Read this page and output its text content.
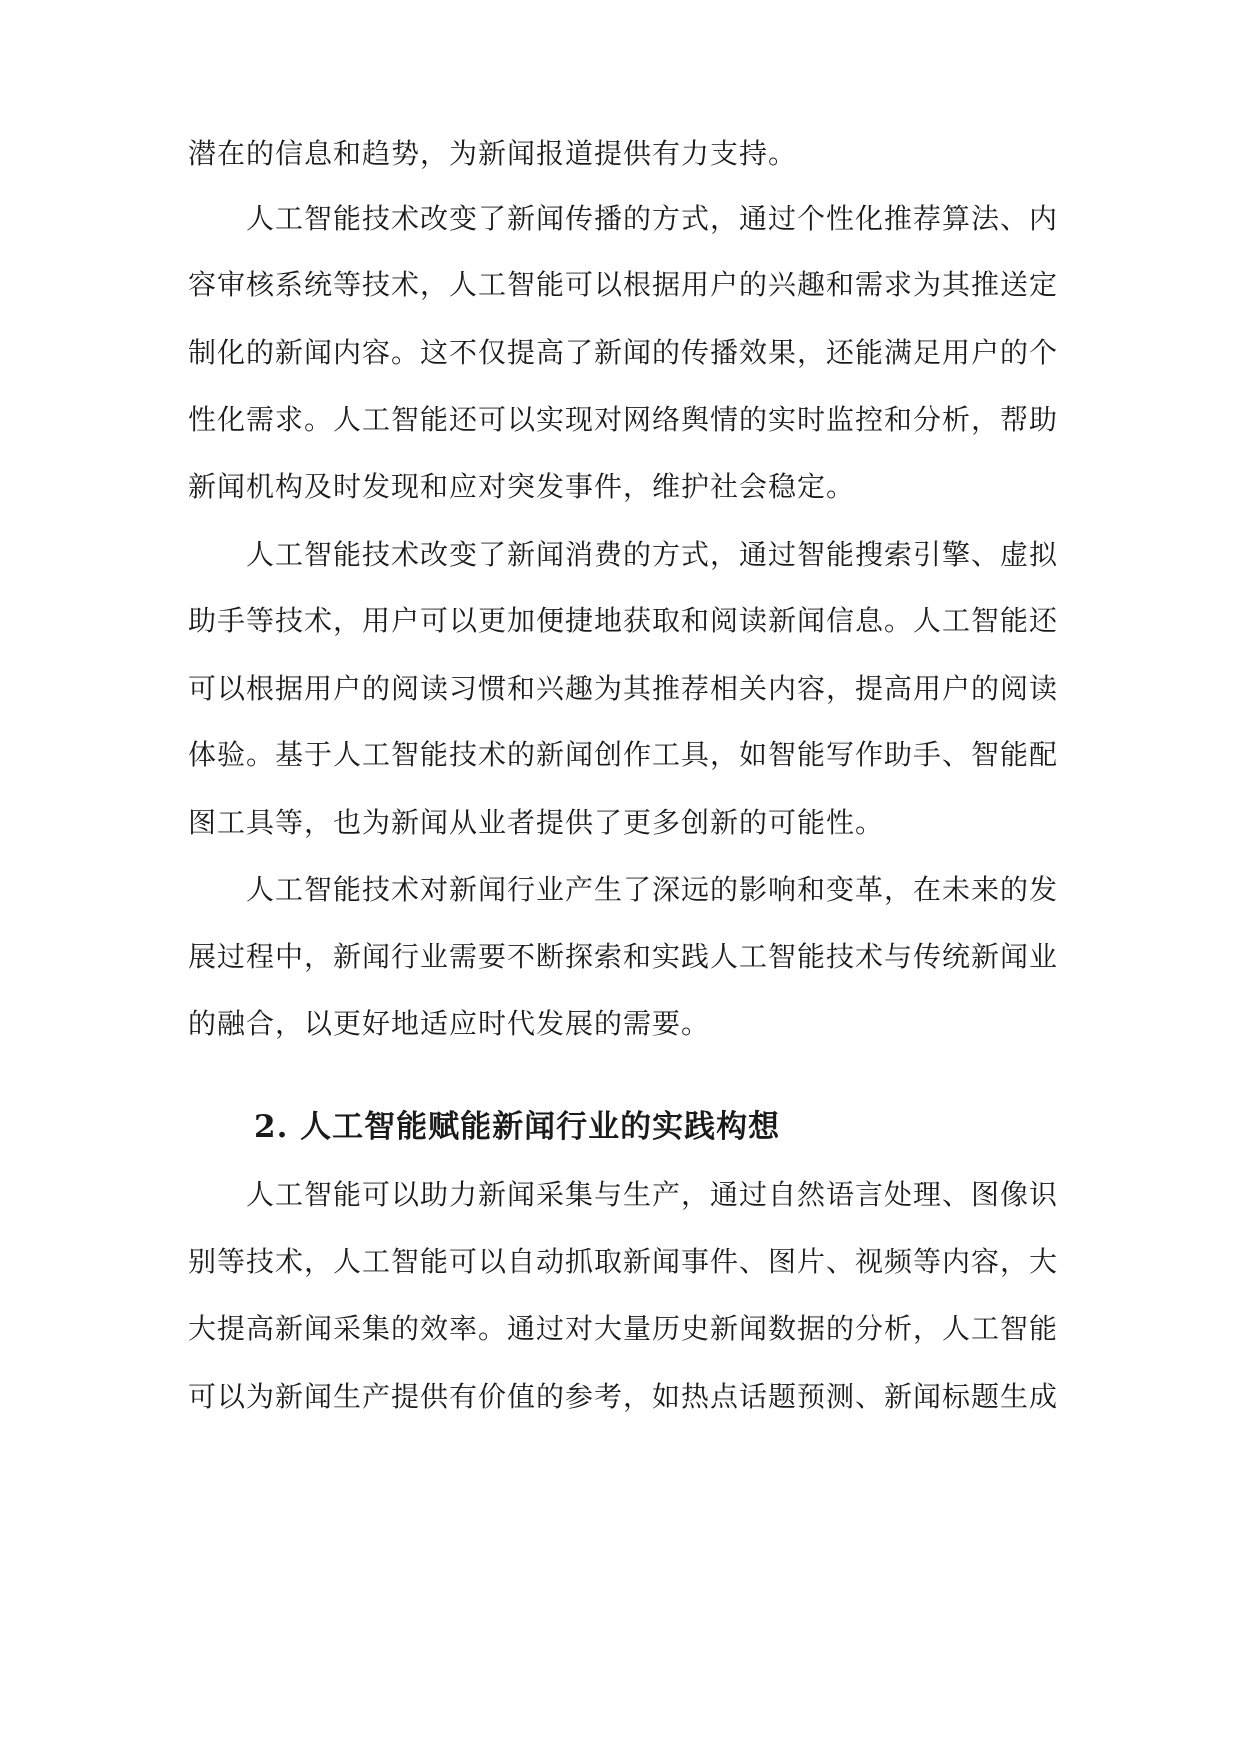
潜在的信息和趋势，为新闻报道提供有力支持。
人工智能技术改变了新闻传播的方式，通过个性化推荐算法、内
容审核系统等技术，人工智能可以根据用户的兴趣和需求为其推送定
制化的新闻内容。这不仅提高了新闻的传播效果，还能满足用户的个
性化需求。人工智能还可以实现对网络舆情的实时监控和分析，帮助
新闻机构及时发现和应对突发事件，维护社会稳定。
人工智能技术改变了新闻消费的方式，通过智能搜索引擎、虚拟
助手等技术，用户可以更加便捷地获取和阅读新闻信息。人工智能还
可以根据用户的阅读习惯和兴趣为其推荐相关内容，提高用户的阅读
体验。基于人工智能技术的新闻创作工具，如智能写作助手、智能配
图工具等，也为新闻从业者提供了更多创新的可能性。
人工智能技术对新闻行业产生了深远的影响和变革，在未来的发
展过程中，新闻行业需要不断探索和实践人工智能技术与传统新闻业
的融合，以更好地适应时代发展的需要。
2. 人工智能赋能新闻行业的实践构想
人工智能可以助力新闻采集与生产，通过自然语言处理、图像识
别等技术，人工智能可以自动抓取新闻事件、图片、视频等内容，大
大提高新闻采集的效率。通过对大量历史新闻数据的分析，人工智能
可以为新闻生产提供有价值的参考，如热点话题预测、新闻标题生成
